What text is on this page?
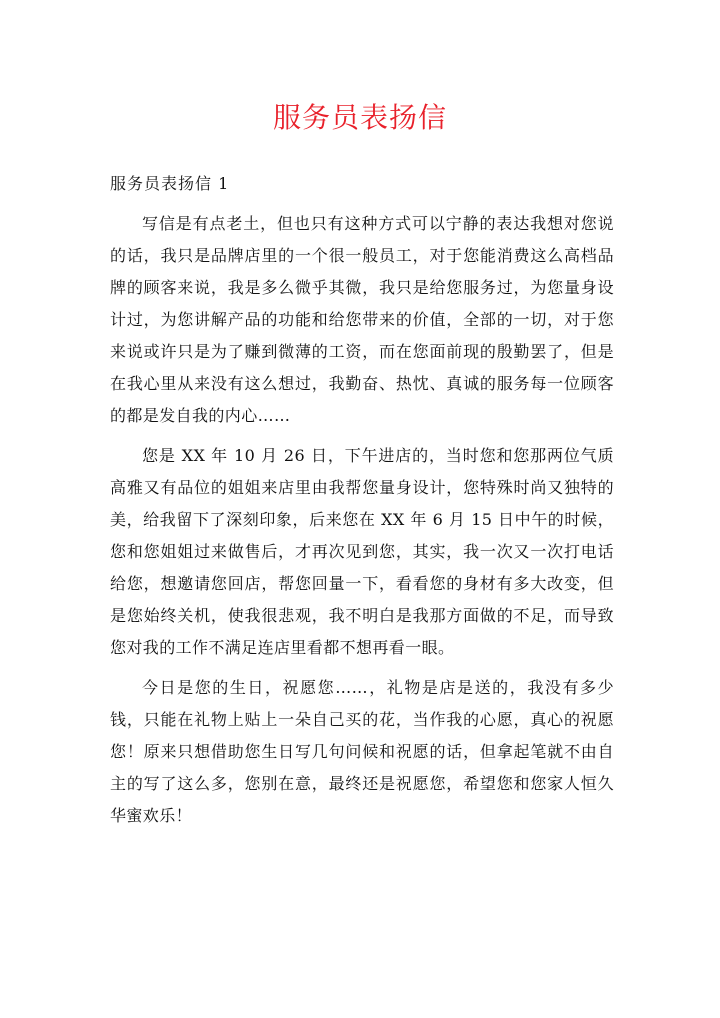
服务员表扬信
服务员表扬信 1

写信是有点老土，但也只有这种方式可以宁静的表达我想对您说的话，我只是品牌店里的一个很一般员工，对于您能消费这么高档品牌的顾客来说，我是多么微乎其微，我只是给您服务过，为您量身设计过，为您讲解产品的功能和给您带来的价值，全部的一切，对于您来说或许只是为了赚到微薄的工资，而在您面前现的殷勤罢了，但是在我心里从来没有这么想过，我勤奋、热忱、真诚的服务每一位顾客的都是发自我的内心……

您是 XX 年 10 月 26 日，下午进店的，当时您和您那两位气质高雅又有品位的姐姐来店里由我帮您量身设计，您特殊时尚又独特的美，给我留下了深刻印象，后来您在 XX 年 6 月 15 日中午的时候，您和您姐姐过来做售后，才再次见到您，其实，我一次又一次打电话给您，想邀请您回店，帮您回量一下，看看您的身材有多大改变，但是您始终关机，使我很悲观，我不明白是我那方面做的不足，而导致您对我的工作不满足连店里看都不想再看一眼。

今日是您的生日，祝愿您……，礼物是店是送的，我没有多少钱，只能在礼物上贴上一朵自己买的花，当作我的心愿，真心的祝愿您！原来只想借助您生日写几句问候和祝愿的话，但拿起笔就不由自主的写了这么多，您别在意，最终还是祝愿您，希望您和您家人恒久华蜜欢乐！
